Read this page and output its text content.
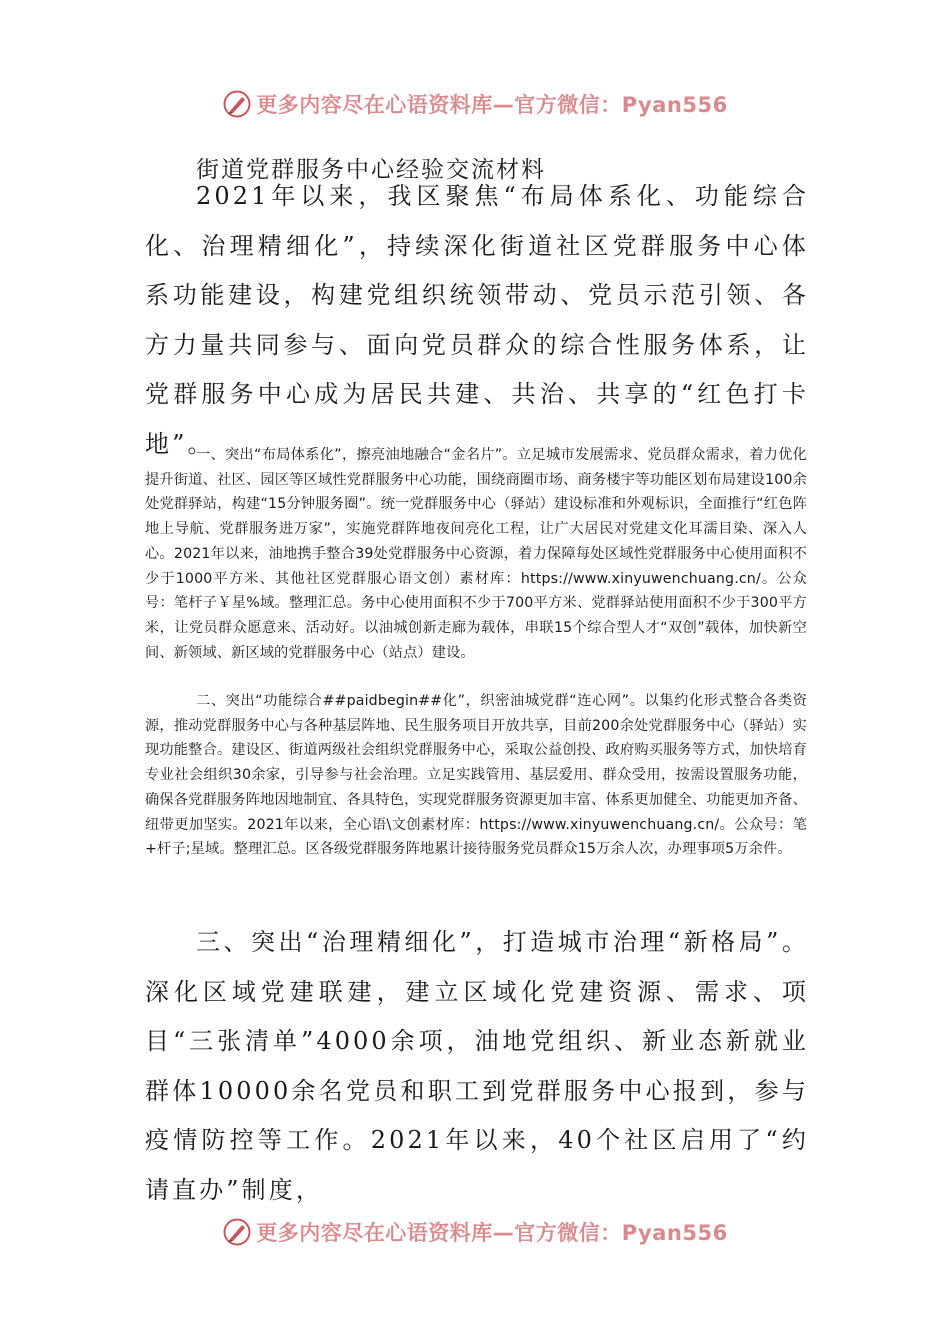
更多内容尽在心语资料库—官方微信：Pyan556
街道党群服务中心经验交流材料

2021年以来，我区聚焦“布局体系化、功能综合化、治理精细化”，持续深化街道社区党群服务中心体系功能建设，构建党组织统领带动、党员示范引领、各方力量共同参与、面向党员群众的综合性服务体系，让党群服务中心成为居民共建、共治、共享的“红色打卡地”。

一、突出“布局体系化”，擦亮油地融合“金名片”。立足城市发展需求、党员群众需求，着力优化提升街道、社区、园区等区域性党群服务中心功能，围绕商圈市场、商务楼宇等功能区划布局建设100余处党群驿站，构建“15分钟服务圈”。统一党群服务中心（驿站）建设标准和外观标识，全面推行“红色阵地上导航、党群服务进万家”，实施党群阵地夜间亮化工程，让广大居民对党建文化耳濡目染、深入人心。2021年以来，油地携手整合39处党群服务中心资源，着力保障每处区域性党群服务中心使用面积不少于1000平方米、其他社区党群服心语文创）素材库：https://www.xinyuwenchuang.cn/。公众号：笔杆子￥星%域。整理汇总。务中心使用面积不少于700平方米、党群驿站使用面积不少于300平方米，让党员群众愿意来、活动好。以油城创新走廊为载体，串联15个综合型人才“双创”载体，加快新空间、新领域、新区域的党群服务中心（站点）建设。

二、突出“功能综合##paidbegin##化”，织密油城党群“连心网”。以集约化形式整合各类资源，推动党群服务中心与各种基层阵地、民生服务项目开放共享，目前200余处党群服务中心（驿站）实现功能整合。建设区、街道两级社会组织党群服务中心，采取公益创投、政府购买服务等方式，加快培育专业社会组织30余家，引导参与社会治理。立足实践管用、基层爱用、群众受用，按需设置服务功能，确保各党群服务阵地因地制宜、各具特色，实现党群服务资源更加丰富、体系更加健全、功能更加齐备、纽带更加坚实。2021年以来，全心语\文创素材库：https://www.xinyuwenchuang.cn/。公众号：笔+杆子;星域。整理汇总。区各级党群服务阵地累计接待服务党员群众15万余人次，办理事项5万余件。

三、突出“治理精细化”，打造城市治理“新格局”。深化区域党建联建，建立区域化党建资源、需求、项目“三张清单”4000余项，油地党组织、新业态新就业群体10000余名党员和职工到党群服务中心报到，参与疫情防控等工作。2021年以来，40个社区启用了“约请直办”制度，

更多内容尽在心语资料库—官方微信：Pyan556
